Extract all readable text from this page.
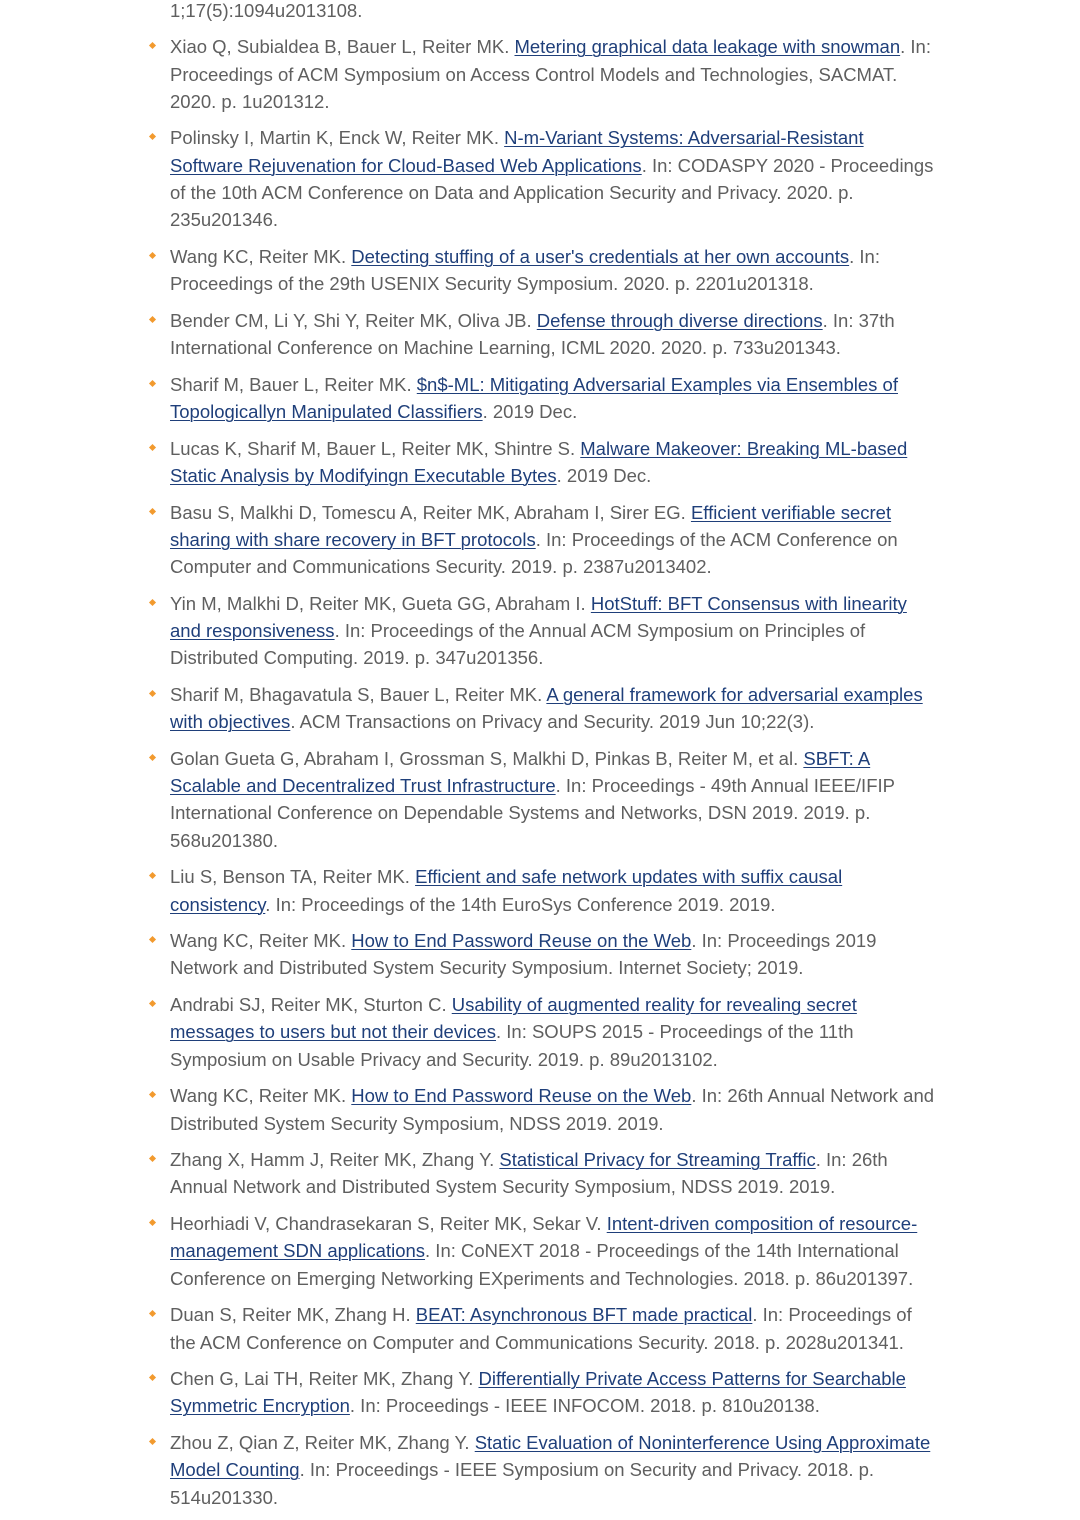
1;17(5):1094u2013108.
Xiao Q, Subialdea B, Bauer L, Reiter MK. Metering graphical data leakage with snowman. In: Proceedings of ACM Symposium on Access Control Models and Technologies, SACMAT. 2020. p. 1u201312.
Polinsky I, Martin K, Enck W, Reiter MK. N-m-Variant Systems: Adversarial-Resistant Software Rejuvenation for Cloud-Based Web Applications. In: CODASPY 2020 - Proceedings of the 10th ACM Conference on Data and Application Security and Privacy. 2020. p. 235u201346.
Wang KC, Reiter MK. Detecting stuffing of a user's credentials at her own accounts. In: Proceedings of the 29th USENIX Security Symposium. 2020. p. 2201u201318.
Bender CM, Li Y, Shi Y, Reiter MK, Oliva JB. Defense through diverse directions. In: 37th International Conference on Machine Learning, ICML 2020. 2020. p. 733u201343.
Sharif M, Bauer L, Reiter MK. $n$-ML: Mitigating Adversarial Examples via Ensembles of Topologicallyn Manipulated Classifiers. 2019 Dec.
Lucas K, Sharif M, Bauer L, Reiter MK, Shintre S. Malware Makeover: Breaking ML-based Static Analysis by Modifyingn Executable Bytes. 2019 Dec.
Basu S, Malkhi D, Tomescu A, Reiter MK, Abraham I, Sirer EG. Efficient verifiable secret sharing with share recovery in BFT protocols. In: Proceedings of the ACM Conference on Computer and Communications Security. 2019. p. 2387u2013402.
Yin M, Malkhi D, Reiter MK, Gueta GG, Abraham I. HotStuff: BFT Consensus with linearity and responsiveness. In: Proceedings of the Annual ACM Symposium on Principles of Distributed Computing. 2019. p. 347u201356.
Sharif M, Bhagavatula S, Bauer L, Reiter MK. A general framework for adversarial examples with objectives. ACM Transactions on Privacy and Security. 2019 Jun 10;22(3).
Golan Gueta G, Abraham I, Grossman S, Malkhi D, Pinkas B, Reiter M, et al. SBFT: A Scalable and Decentralized Trust Infrastructure. In: Proceedings - 49th Annual IEEE/IFIP International Conference on Dependable Systems and Networks, DSN 2019. 2019. p. 568u201380.
Liu S, Benson TA, Reiter MK. Efficient and safe network updates with suffix causal consistency. In: Proceedings of the 14th EuroSys Conference 2019. 2019.
Wang KC, Reiter MK. How to End Password Reuse on the Web. In: Proceedings 2019 Network and Distributed System Security Symposium. Internet Society; 2019.
Andrabi SJ, Reiter MK, Sturton C. Usability of augmented reality for revealing secret messages to users but not their devices. In: SOUPS 2015 - Proceedings of the 11th Symposium on Usable Privacy and Security. 2019. p. 89u2013102.
Wang KC, Reiter MK. How to End Password Reuse on the Web. In: 26th Annual Network and Distributed System Security Symposium, NDSS 2019. 2019.
Zhang X, Hamm J, Reiter MK, Zhang Y. Statistical Privacy for Streaming Traffic. In: 26th Annual Network and Distributed System Security Symposium, NDSS 2019. 2019.
Heorhiadi V, Chandrasekaran S, Reiter MK, Sekar V. Intent-driven composition of resource-management SDN applications. In: CoNEXT 2018 - Proceedings of the 14th International Conference on Emerging Networking EXperiments and Technologies. 2018. p. 86u201397.
Duan S, Reiter MK, Zhang H. BEAT: Asynchronous BFT made practical. In: Proceedings of the ACM Conference on Computer and Communications Security. 2018. p. 2028u201341.
Chen G, Lai TH, Reiter MK, Zhang Y. Differentially Private Access Patterns for Searchable Symmetric Encryption. In: Proceedings - IEEE INFOCOM. 2018. p. 810u20138.
Zhou Z, Qian Z, Reiter MK, Zhang Y. Static Evaluation of Noninterference Using Approximate Model Counting. In: Proceedings - IEEE Symposium on Security and Privacy. 2018. p. 514u201330.
